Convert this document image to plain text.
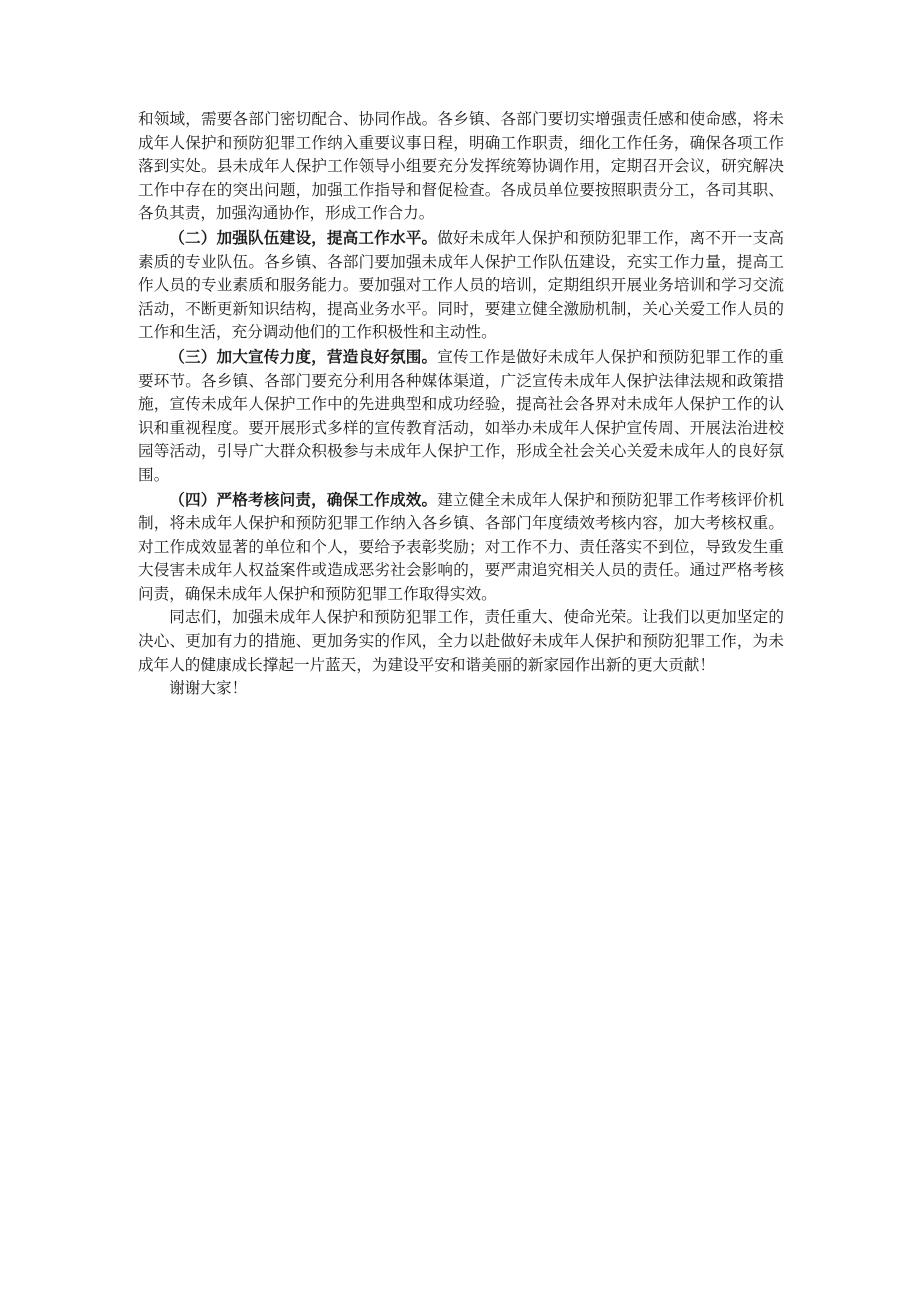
和领域，需要各部门密切配合、协同作战。各乡镇、各部门要切实增强责任感和使命感，将未成年人保护和预防犯罪工作纳入重要议事日程，明确工作职责，细化工作任务，确保各项工作落到实处。县未成年人保护工作领导小组要充分发挥统筹协调作用，定期召开会议，研究解决工作中存在的突出问题，加强工作指导和督促检查。各成员单位要按照职责分工，各司其职、各负其责，加强沟通协作，形成工作合力。

（二）加强队伍建设，提高工作水平。做好未成年人保护和预防犯罪工作，离不开一支高素质的专业队伍。各乡镇、各部门要加强未成年人保护工作队伍建设，充实工作力量，提高工作人员的专业素质和服务能力。要加强对工作人员的培训，定期组织开展业务培训和学习交流活动，不断更新知识结构，提高业务水平。同时，要建立健全激励机制，关心关爱工作人员的工作和生活，充分调动他们的工作积极性和主动性。

（三）加大宣传力度，营造良好氛围。宣传工作是做好未成年人保护和预防犯罪工作的重要环节。各乡镇、各部门要充分利用各种媒体渠道，广泛宣传未成年人保护法律法规和政策措施，宣传未成年人保护工作中的先进典型和成功经验，提高社会各界对未成年人保护工作的认识和重视程度。要开展形式多样的宣传教育活动，如举办未成年人保护宣传周、开展法治进校园等活动，引导广大群众积极参与未成年人保护工作，形成全社会关心关爱未成年人的良好氛围。

（四）严格考核问责，确保工作成效。建立健全未成年人保护和预防犯罪工作考核评价机制，将未成年人保护和预防犯罪工作纳入各乡镇、各部门年度绩效考核内容，加大考核权重。对工作成效显著的单位和个人，要给予表彰奖励；对工作不力、责任落实不到位，导致发生重大侵害未成年人权益案件或造成恶劣社会影响的，要严肃追究相关人员的责任。通过严格考核问责，确保未成年人保护和预防犯罪工作取得实效。

同志们，加强未成年人保护和预防犯罪工作，责任重大、使命光荣。让我们以更加坚定的决心、更加有力的措施、更加务实的作风，全力以赴做好未成年人保护和预防犯罪工作，为未成年人的健康成长撑起一片蓝天，为建设平安和谐美丽的新家园作出新的更大贡献！

谢谢大家！
